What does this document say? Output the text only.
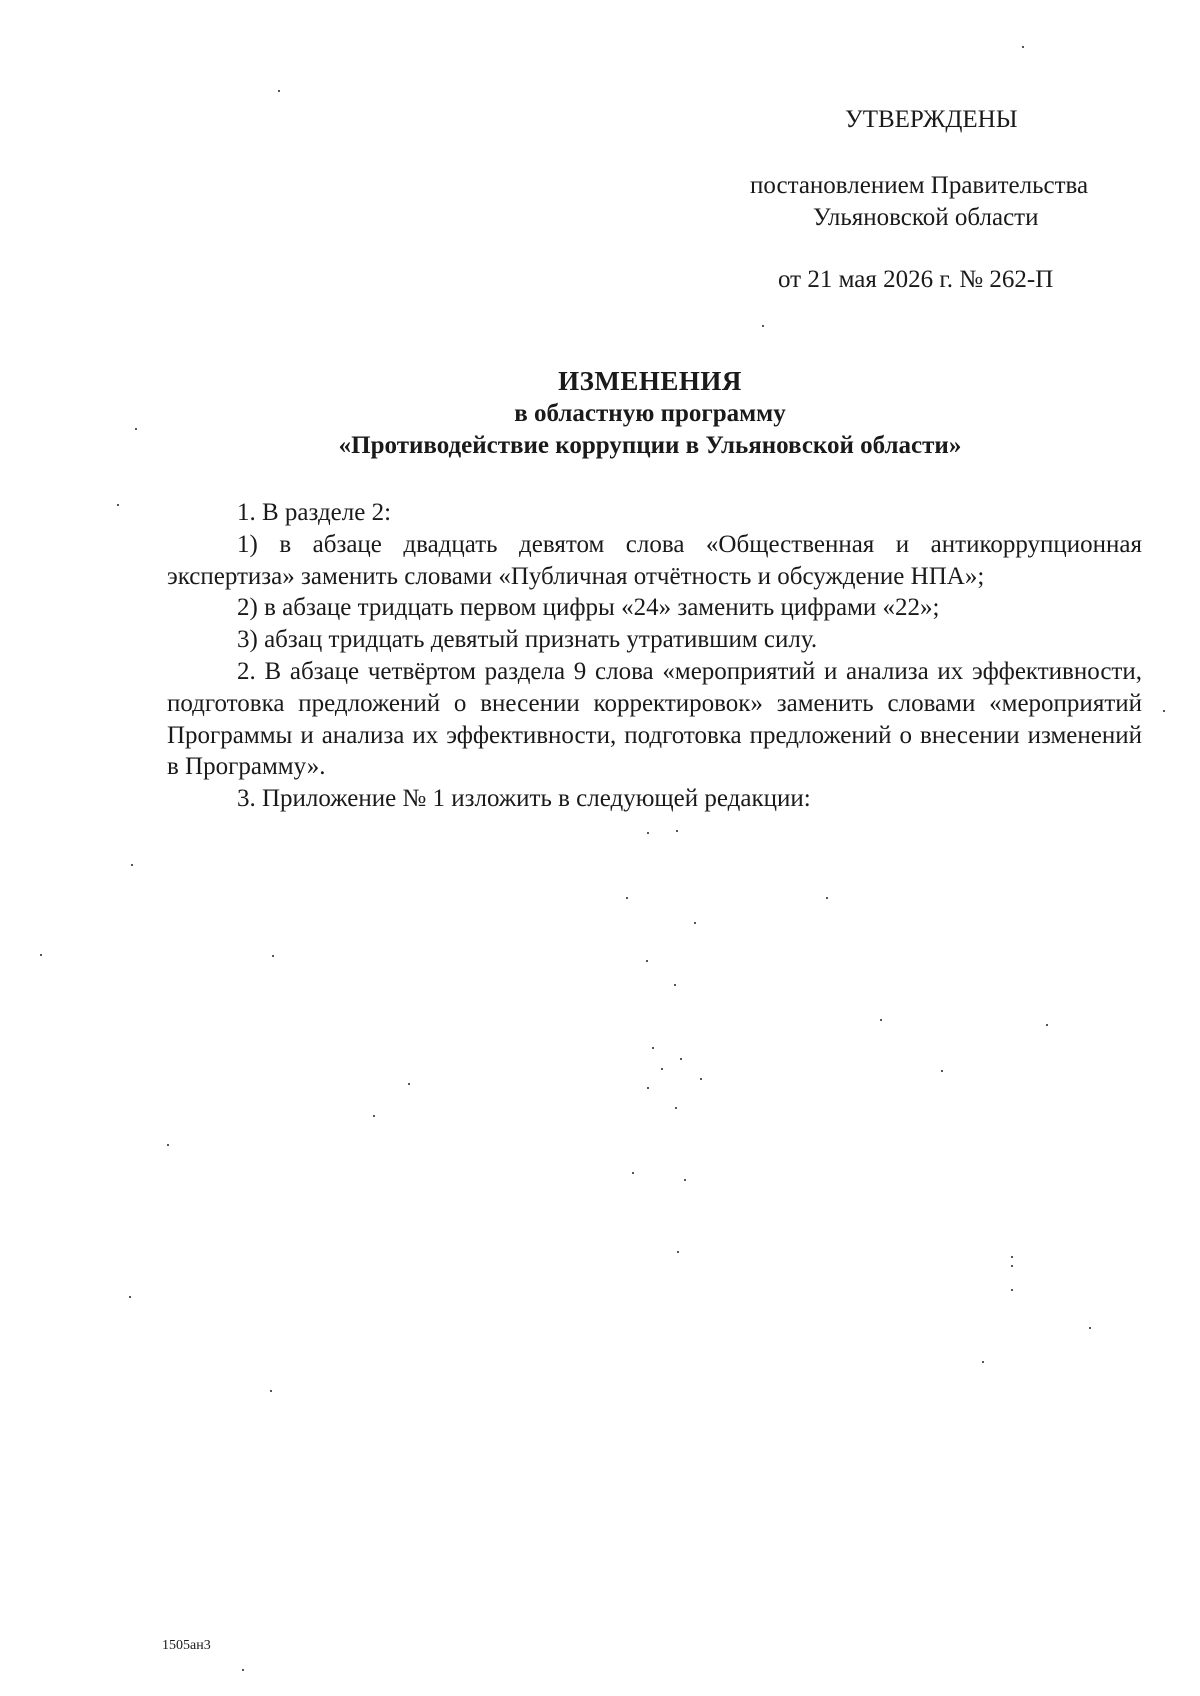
УТВЕРЖДЕНЫ
постановлением Правительства
Ульяновской области
от 21 мая 2026 г. № 262-П
ИЗМЕНЕНИЯ
в областную программу
«Противодействие коррупции в Ульяновской области»

1. В разделе 2:

1) в абзаце двадцать девятом слова «Общественная и антикоррупционная экспертиза» заменить словами «Публичная отчётность и обсуждение НПА»;

2) в абзаце тридцать первом цифры «24» заменить цифрами «22»;

3) абзац тридцать девятый признать утратившим силу.

2. В абзаце четвёртом раздела 9 слова «мероприятий и анализа их эффективности, подготовка предложений о внесении корректировок» заменить словами «мероприятий Программы и анализа их эффективности, подготовка предложений о внесении изменений в Программу».

3. Приложение № 1 изложить в следующей редакции:

1505ан3
